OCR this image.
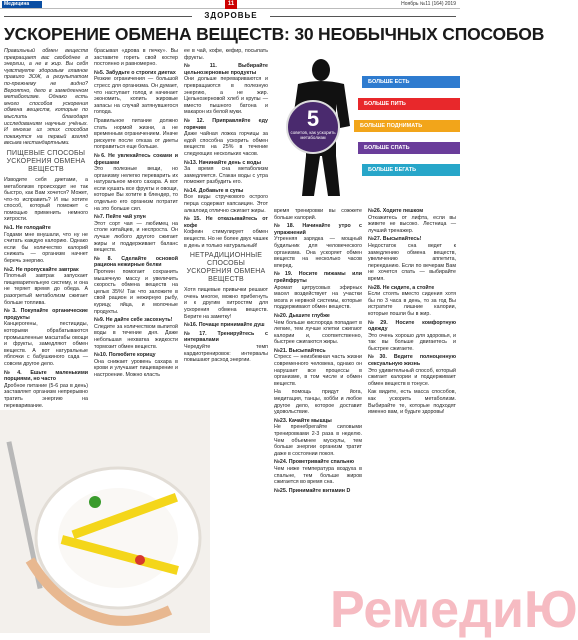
Медицина	11	Ноябрь №11 (164) 2019
ЗДОРОВЬЕ
УСКОРЕНИЕ ОБМЕНА ВЕЩЕСТВ: 30 НЕОБЫЧНЫХ СПОСОБОВ

Правильный обмен веществ превращает вас свободнее в энергии, а не в жир. Вы себя чувствуете здоровым главное правило ЗОЖ, а результатом по-прежнему не видно? Вероятно, дело в замедленном метаболизме. Однако есть много способов ускорения обмена веществ, которые по мыслить благодаря исследованиям научных учёных. И многие из этих способов покажутся на первый взгляд весьма нестандартными.

ПИЩЕВЫЕ СПОСОБЫ УСКОРЕНИЯ ОБМЕНА ВЕЩЕСТВ

Изводите себя диетами, а метаболизм происходит не так быстро, как Вам хочется? Может, что-то исправить? И мы хотите способ, который поможет с помощью применить немного хитрости.

№1. Не голодайте
Годами мне внушали, что ну не считать каждую калорию. Однако если бы количество калорий снижать — организм начнет беречь энергию.

№2. Не пропускайте завтрак
Плотный завтрак запускает пищеварительную систему, и она не теряет время до обеда. А разогретый метаболизм сжигает больше топлива.

№3. Покупайте органические продукты
Канцерогены, пестициды, которыми обрабатываются промышленные масштабы овощи и фрукты, замедляют обмен веществ. А вот натуральные яблочки с бабушкиного сада — совсем другое дело.

№4. Ешьте маленькими порциями, но часто
Дробное питание (5-6 раз в день) заставляет организм непрерывно тратить энергию на переваривание.

брасывая «дрова в печку». Вы заставите гореть свой костер постоянно и равномерно.

№5. Забудьте о строгих диетах
Резкие ограничения — большой стресс для организма. Он думает, что наступает голод и начинает экономить, копить жировые запасы на случай затянувшегося голода.

Правильное питание должно стать нормой жизни, а не временным ограничением. Иначе рискуете после отказа от диеты поправиться еще больше.

№6. Не увлекайтесь соками и фрешами
Это полезные вещи, но организму нелегко переварить их натуральное много сахара. А вот если кушать все фрукты и овощи, которые Вы хотите в блендер, то отдельно его организм потратит на это больше сил.

№7. Пейте чай улун
Этот сорт чая — любимец на столе китайцев, и неспроста. Он лучше любого другого сжигает жиры и поддерживает баланс веществ.

№8. Сделайте основой рациона нежирные белки
Протеин помогает сохранить мышечную массу и увеличить скорость обмена веществ на целых 35%! Так что заложите в свой рацион и нежирную рыбу, курицу, яйца, и молочные продукты.

№9. Не дайте себе засохнуть!
Следите за количеством выпитой воды в течение дня. Даже небольшая нехватка жидкости тормозит обмен веществ.

№10. Полюбите корицу
Она снижает уровень сахара в крови и улучшает пищеварение и настроение. Можно класть

ее в чай, кофе, кефир, посыпать фрукты.

№11. Выбирайте цельнозерновые продукты
Они дольше перевариваются и превращаются в полезную энергию, а не жир. Цельнозерновой хлеб и крупы — вместо пышного батона и макарон из белой муки.

№12. Приправляйте еду горячим
Даже чайная ложка горчицы за едой способна ускорить обмен веществ на 25% в течение следующих нескольких часов.

№13. Начинайте день с воды
За время сна метаболизм замедляется. Стакан воды с утра поможет разбудить его.

№14. Добавьте в супы
Все виды стручкового острого перца содержат капсаицин. Этот алкалоид отлично сжигает жиры.

№15. Не отказывайтесь от кофе
Кофеин стимулирует обмен веществ. Но не более двух чашек в день и только натуральный!

НЕТРАДИЦИОННЫЕ СПОСОБЫ УСКОРЕНИЯ ОБМЕНА ВЕЩЕСТВ

Хотя пищевые привычки решают очень многое, можно прибегнуть и к другим хитростям для ускорения обмена веществ. Берите на заметку!

№16. Почаще принимайте душ

№17. Тренируйтесь с интервалами
Чередуйте темп кардиотренировок: интервалы повышают расход энергии.

5
советов, как ускорить метаболизм
БОЛЬШЕ ЕСТЬ
БОЛЬШЕ ПИТЬ
БОЛЬШЕ ПОДНИМАТЬ
БОЛЬШЕ СПАТЬ
БОЛЬШЕ БЕГАТЬ

время тренировки вы сожжете больше калорий.

№18. Начинайте утро с упражнений
Утренняя зарядка — мощный будильник для человеческого организма. Она ускоряет обмен веществ на несколько часов вперед.

№19. Носите пижамы или грейпфруты
Аромат цитрусовых эфирных масел воздействует на участки мозга и нервной системы, которые поддерживают обмен веществ.

№20. Дышите глубже
Чем больше кислорода попадает в легкие, тем лучше клетки сжигают калории и, соответственно, быстрее сжигаются жиры.

№21. Высыпайтесь
Стресс — неизбежная часть жизни современного человека, однако он нарушает все процессы в организме, в том числе и обмен веществ.

На помощь придут йога, медитация, танцы, хобби и любое другое дело, которое доставит удовольствие.

№23. Качайте мышцы
Не пренебрегайте силовыми тренировками 2-3 раза в неделю. Чем объемнее мускулы, тем больше энергии организм тратит даже в состоянии покоя.

№24. Проветривайте спальню
Чем ниже температура воздуха в спальне, тем больше жиров сжигается во время сна.

№25. Принимайте витамин D

№26. Ходите пешком
Откажитесь от лифта, если вы живете не высоко. Лестница — лучший тренажер.

№27. Высыпайтесь!
Недостаток сна ведет к замедлению обмена веществ, увеличению аппетита, перееданию. Если по вечерам Вам не хочется спать — выбирайте время.

№28. Не сидите, а стойте
Если стоять вместо сидения хотя бы по 3 часа в день, то за год Вы истратите лишние калории, которые пошли бы в жир.

№29. Носите комфортную одежду
Это очень хорошо для здоровья, и так вы больше двигаетесь и быстрее сжигаете.

№30. Ведите полноценную сексуальную жизнь
Это удивительный способ, который сжигает калории и поддерживает обмен веществ в тонусе.

Как видите, есть масса способов, как ускорить метаболизм. Выбирайте те, которые подходят именно вам, и будьте здоровы!

РемедиЮ
